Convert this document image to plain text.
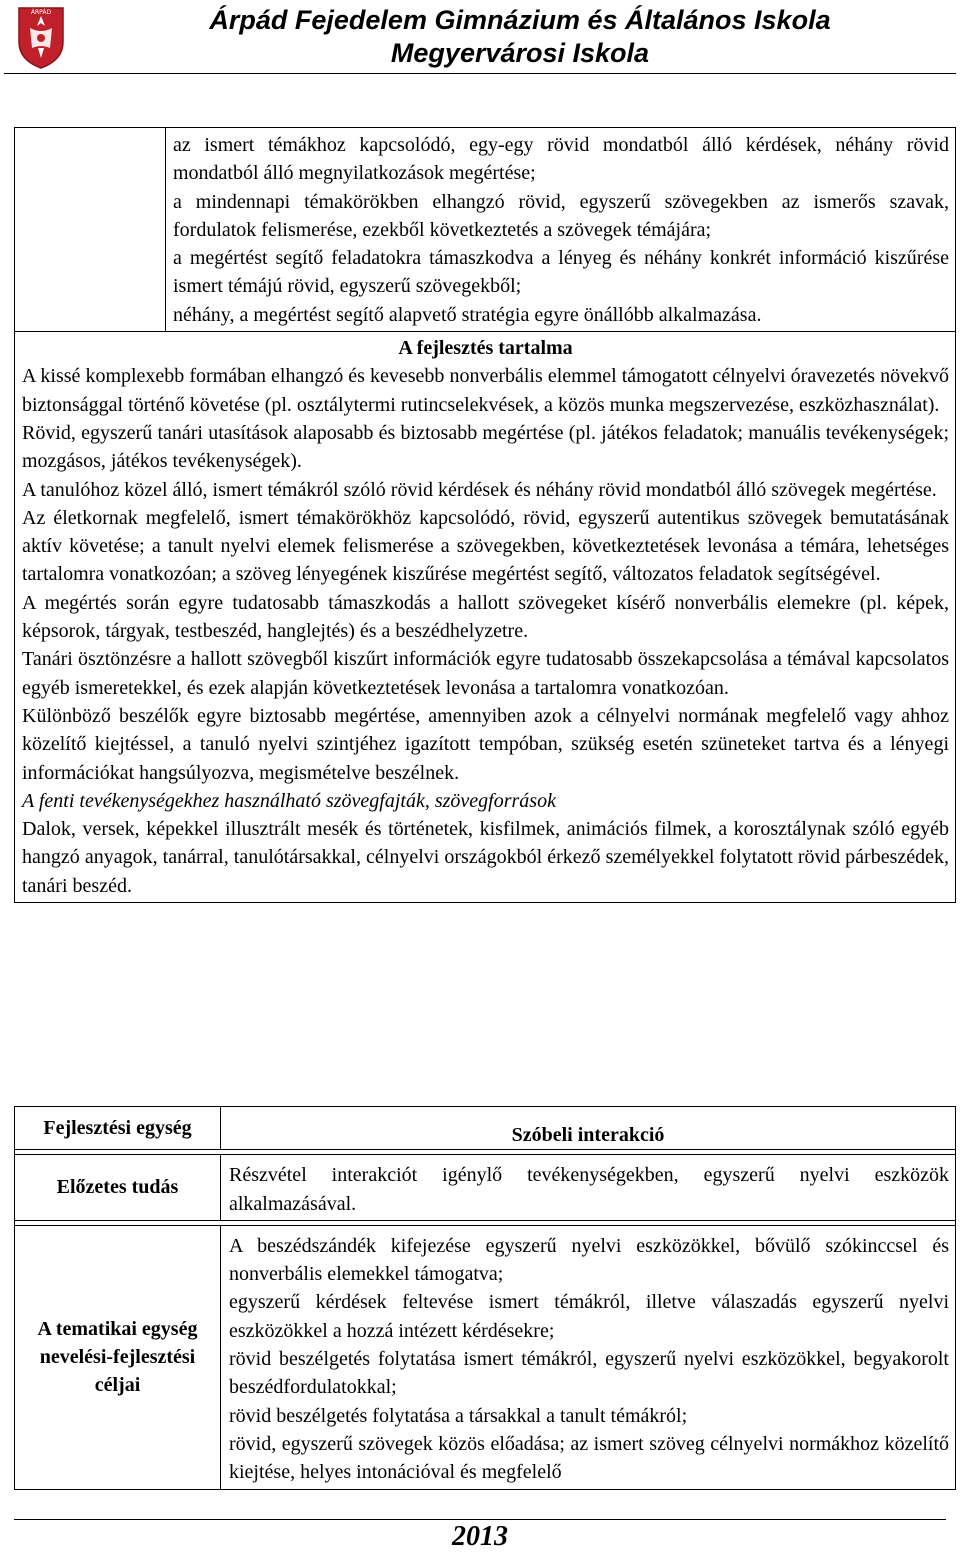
ÁRPÁD	Árpád Fejedelem Gimnázium és Általános Iskola
Megyervárosi Iskola

az ismert témákhoz kapcsolódó, egy-egy rövid mondatból álló kérdések, néhány rövid mondatból álló megnyilatkozások megértése;
a mindennapi témakörökben elhangzó rövid, egyszerű szövegekben az ismerős szavak, fordulatok felismerése, ezekből következtetés a szövegek témájára;
a megértést segítő feladatokra támaszkodva a lényeg és néhány konkrét információ kiszűrése ismert témájú rövid, egyszerű szövegekből;
néhány, a megértést segítő alapvető stratégia egyre önállóbb alkalmazása.

A fejlesztés tartalma

A kissé komplexebb formában elhangzó és kevesebb nonverbális elemmel támogatott célnyelvi óravezetés növekvő biztonsággal történő követése (pl. osztálytermi rutincselekvések, a közös munka megszervezése, eszközhasználat).

Rövid, egyszerű tanári utasítások alaposabb és biztosabb megértése (pl. játékos feladatok; manuális tevékenységek; mozgásos, játékos tevékenységek).

A tanulóhoz közel álló, ismert témákról szóló rövid kérdések és néhány rövid mondatból álló szövegek megértése.

Az életkornak megfelelő, ismert témakörökhöz kapcsolódó, rövid, egyszerű autentikus szövegek bemutatásának aktív követése; a tanult nyelvi elemek felismerése a szövegekben, következtetések levonása a témára, lehetséges tartalomra vonatkozóan; a szöveg lényegének kiszűrése megértést segítő, változatos feladatok segítségével.

A megértés során egyre tudatosabb támaszkodás a hallott szövegeket kísérő nonverbális elemekre (pl. képek, képsorok, tárgyak, testbeszéd, hanglejtés) és a beszédhelyzetre.

Tanári ösztönzésre a hallott szövegből kiszűrt információk egyre tudatosabb összekapcsolása a témával kapcsolatos egyéb ismeretekkel, és ezek alapján következtetések levonása a tartalomra vonatkozóan.

Különböző beszélők egyre biztosabb megértése, amennyiben azok a célnyelvi normának megfelelő vagy ahhoz közelítő kiejtéssel, a tanuló nyelvi szintjéhez igazított tempóban, szükség esetén szüneteket tartva és a lényegi információkat hangsúlyozva, megismételve beszélnek.

A fenti tevékenységekhez használható szövegfajták, szövegforrások

Dalok, versek, képekkel illusztrált mesék és történetek, kisfilmek, animációs filmek, a korosztálynak szóló egyéb hangzó anyagok, tanárral, tanulótársakkal, célnyelvi országokból érkező személyekkel folytatott rövid párbeszédek, tanári beszéd.

Fejlesztési egység	Szóbeli interakció

Előzetes tudás	Részvétel interakciót igénylő tevékenységekben, egyszerű nyelvi eszközök alkalmazásával.

A tematikai egység nevelési-fejlesztési céljai	A beszédszándék kifejezése egyszerű nyelvi eszközökkel, bővülő szókinccsel és nonverbális elemekkel támogatva;
egyszerű kérdések feltevése ismert témákról, illetve válaszadás egyszerű nyelvi eszközökkel a hozzá intézett kérdésekre;
rövid beszélgetés folytatása ismert témákról, egyszerű nyelvi eszközökkel, begyakorolt beszédfordulatokkal;
rövid beszélgetés folytatása a társakkal a tanult témákról;
rövid, egyszerű szövegek közös előadása; az ismert szöveg célnyelvi normákhoz közelítő kiejtése, helyes intonációval és megfelelő
2013
